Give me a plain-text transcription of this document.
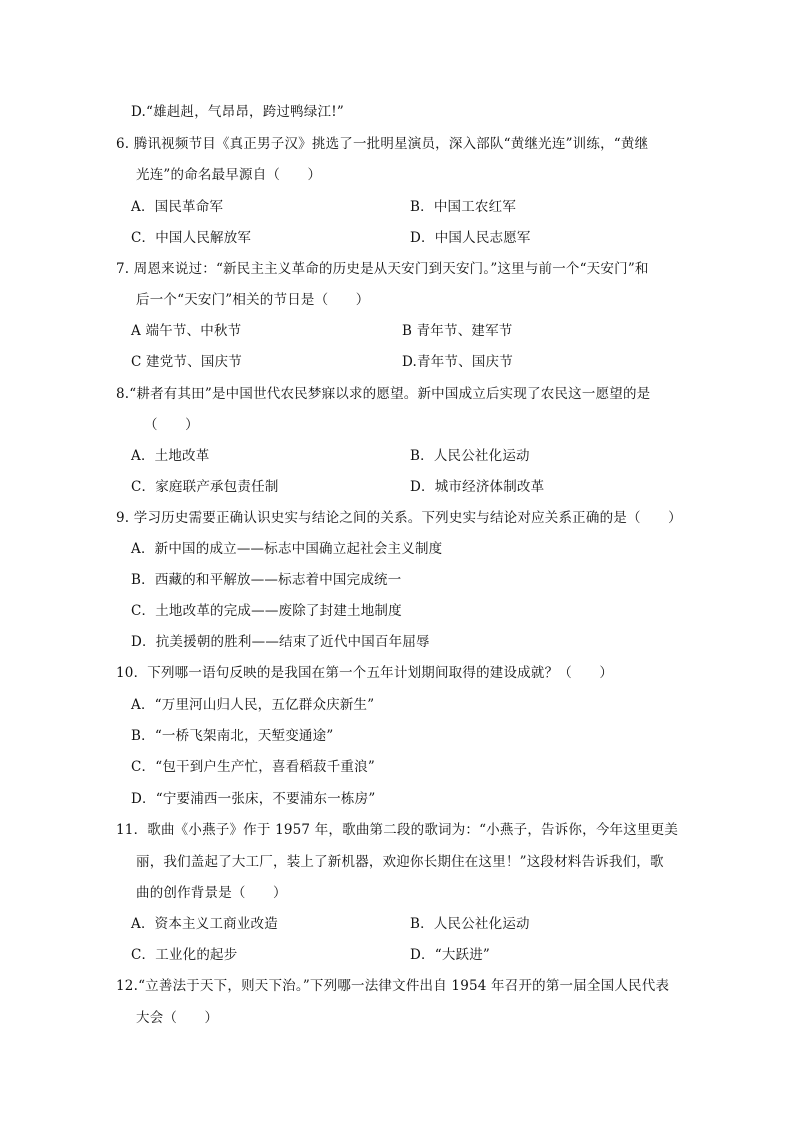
D.“雄赳赳，气昂昂，跨过鸭绿江!”
6. 腾讯视频节目《真正男子汉》挑选了一批明星演员，深入部队“黄继光连”训练，“黄继
光连”的命名最早源自（　　）
A．国民革命军	B．中国工农红军
C．中国人民解放军	D．中国人民志愿军
7. 周恩来说过：“新民主主义革命的历史是从天安门到天安门。”这里与前一个“天安门”和
后一个“天安门”相关的节日是（　　）
A 端午节、中秋节	B 青年节、建军节
C 建党节、国庆节	D.青年节、国庆节
8.“耕者有其田”是中国世代农民梦寐以求的愿望。新中国成立后实现了农民这一愿望的是
（　　）
A．土地改革	B．人民公社化运动
C．家庭联产承包责任制	D．城市经济体制改革
9. 学习历史需要正确认识史实与结论之间的关系。下列史实与结论对应关系正确的是（　　）
A．新中国的成立——标志中国确立起社会主义制度
B．西藏的和平解放——标志着中国完成统一
C．土地改革的完成——废除了封建土地制度
D．抗美援朝的胜利——结束了近代中国百年屈辱
10．下列哪一语句反映的是我国在第一个五年计划期间取得的建设成就？（　　）
A．“万里河山归人民，五亿群众庆新生”
B．“一桥飞架南北，天堑变通途”
C．“包干到户生产忙，喜看稻菽千重浪”
D．“宁要浦西一张床，不要浦东一栋房”
11．歌曲《小燕子》作于 1957 年，歌曲第二段的歌词为：“小燕子，告诉你，今年这里更美
丽，我们盖起了大工厂，装上了新机器，欢迎你长期住在这里！”这段材料告诉我们，歌
曲的创作背景是（　　）
A．资本主义工商业改造	B．人民公社化运动
C．工业化的起步	D．“大跃进”
12.“立善法于天下，则天下治。”下列哪一法律文件出自 1954 年召开的第一届全国人民代表
大会（　　）
